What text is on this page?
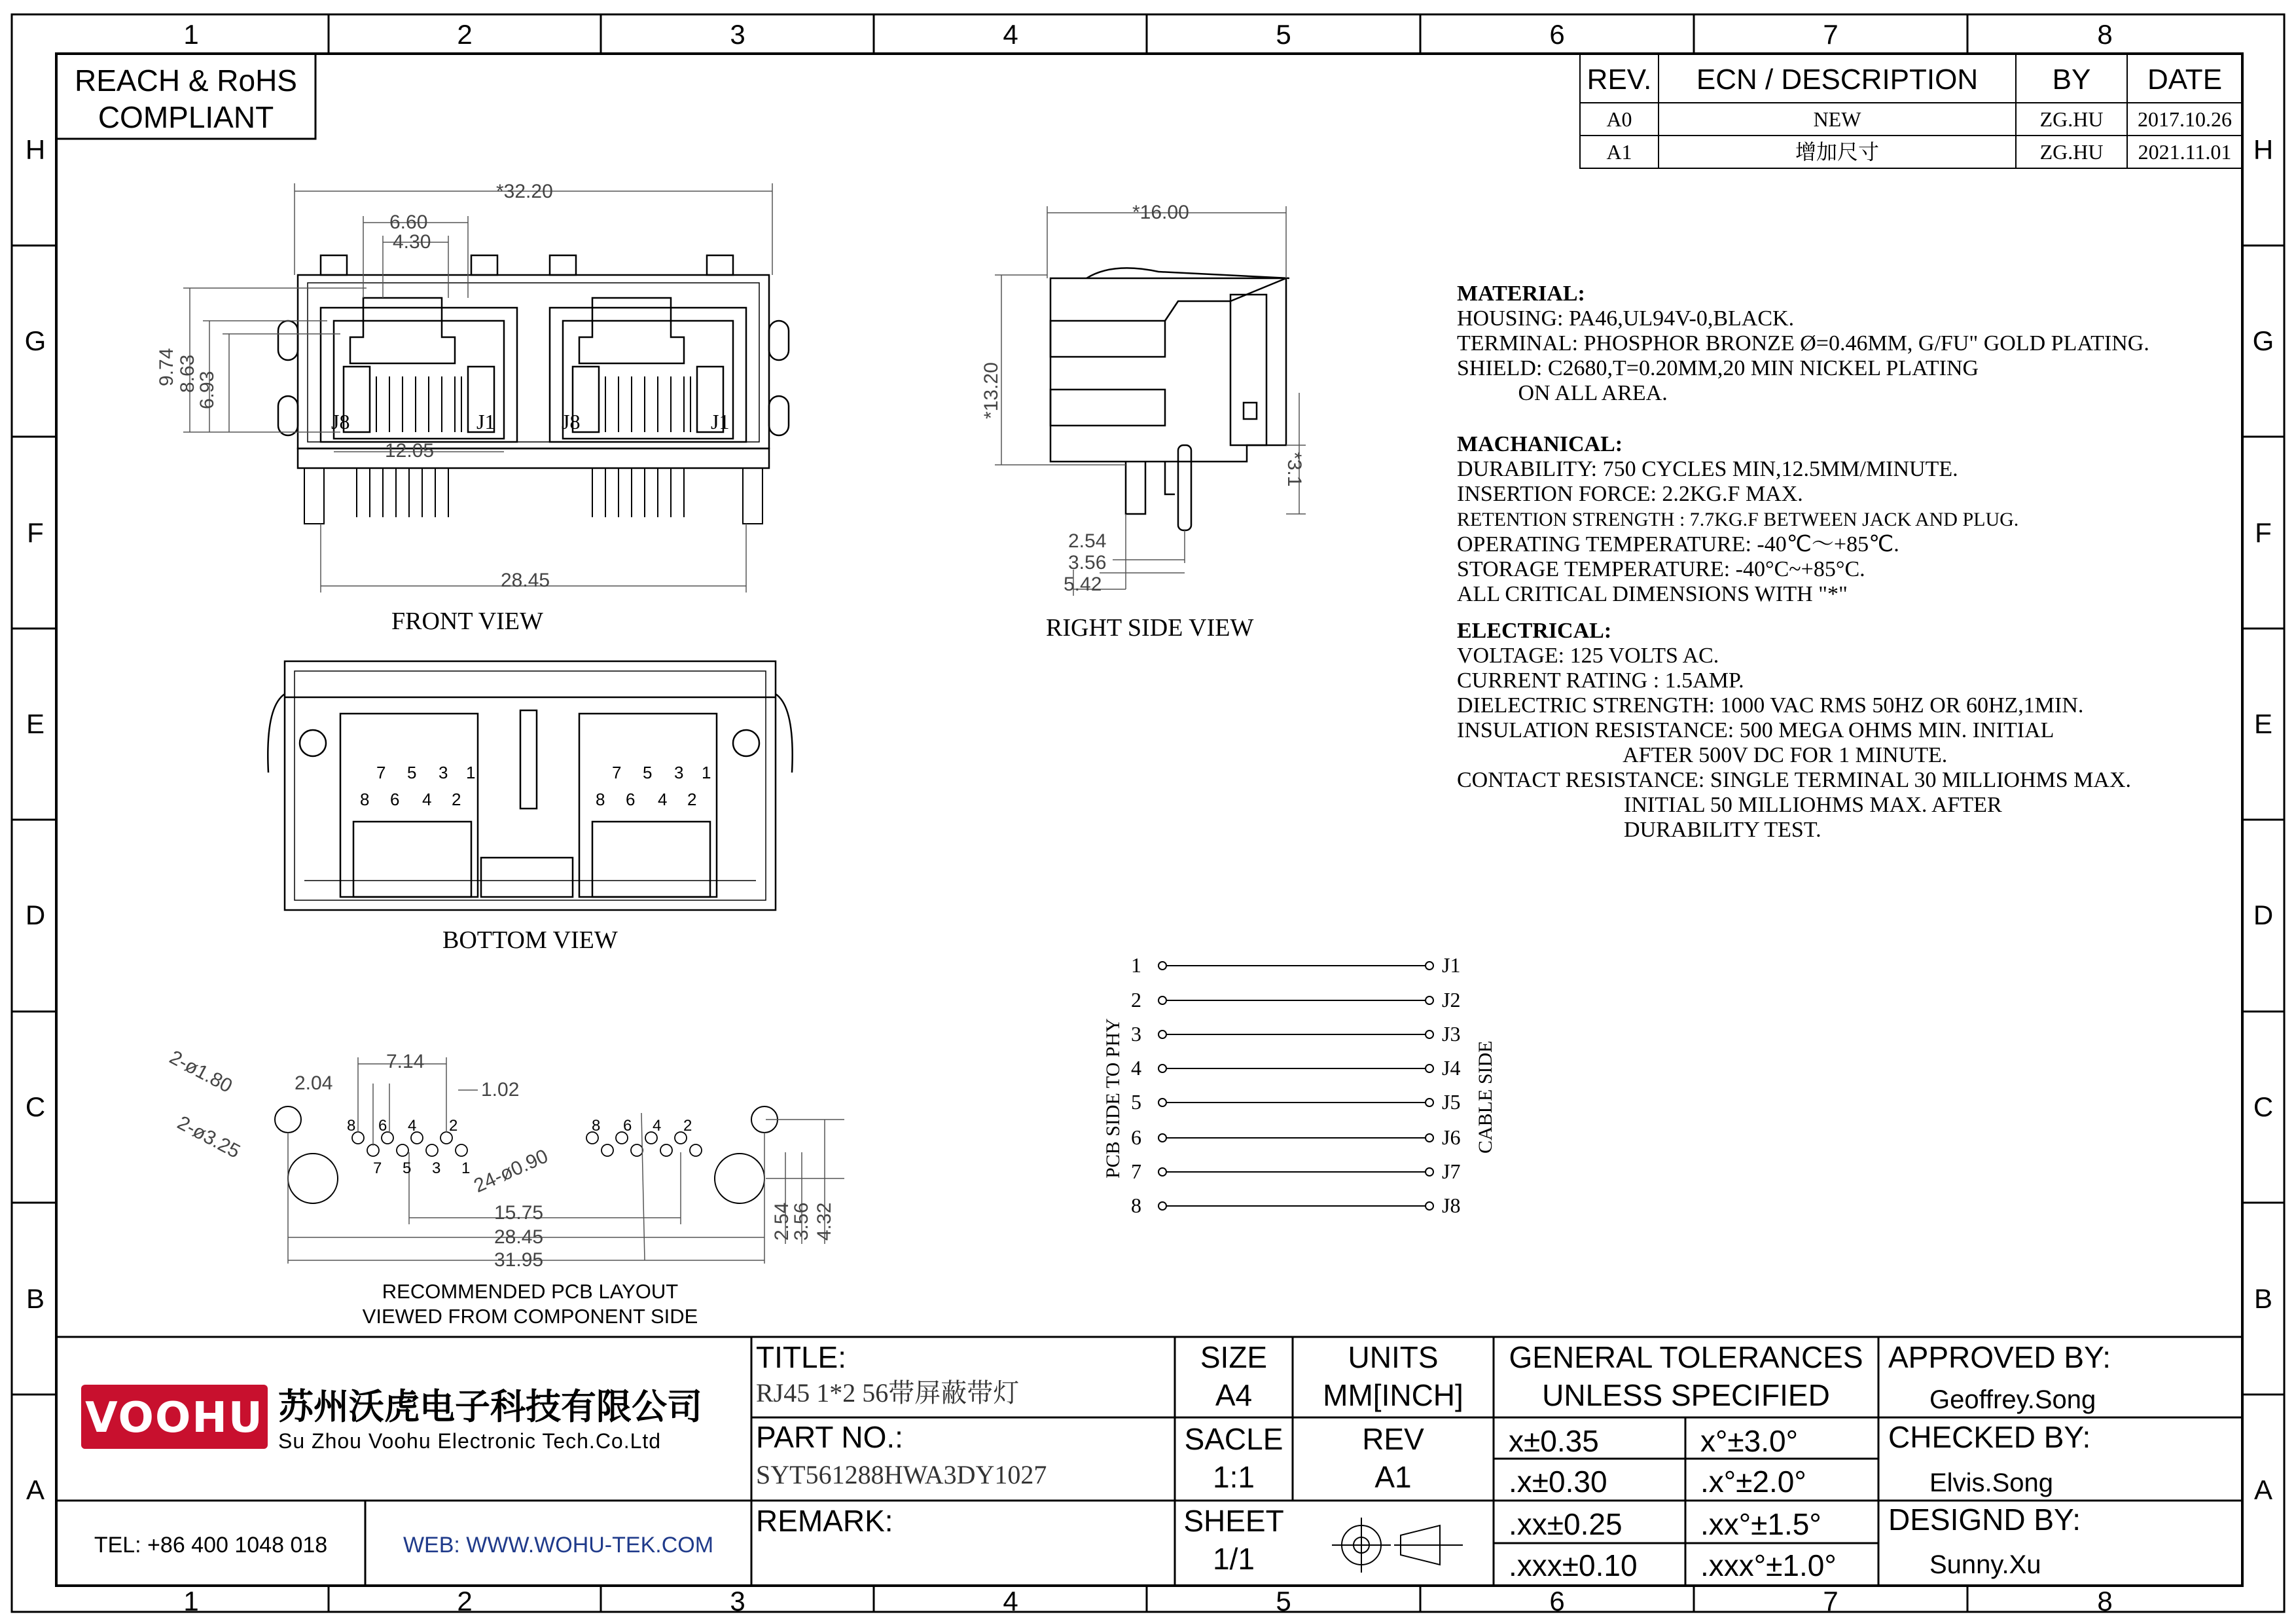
1	2	3	4	5	6	7	8
1	2	3	4	5	6	7	8
H
G
F
E
D
C
B
A
H
G
F
E
D
C
B
A
REACH & RoHS
COMPLIANT
REV.	ECN / DESCRIPTION	BY	DATE
A0	NEW	ZG.HU	2017.10.26
A1	增加尺寸	ZG.HU	2021.11.01
*32.20
6.60
4.30
9.74 8.63
6.93
12.05
28.45
J8	J1	J8	J1
FRONT VIEW
*16.00
*13.20
*3.1
2.54
3.56
5.42
RIGHT SIDE VIEW
7 5 3 1
8 6 4 2
7 5 3 1
8 6 4 2
BOTTOM VIEW
2-ø1.80
2-ø3.25
7.14
2.04	1.02
24-ø0.90
15.75
28.45
31.95
2.54
3.56 4.32
8 6 4 2
7 5 3 1
8 6 4 2
RECOMMENDED PCB LAYOUT
VIEWED FROM COMPONENT SIDE
MATERIAL:
HOUSING: PA46,UL94V-0,BLACK.
TERMINAL: PHOSPHOR BRONZE Ø=0.46MM, G/FU" GOLD PLATING.
SHIELD: C2680,T=0.20MM,20 MIN NICKEL PLATING
ON ALL AREA.
MACHANICAL:
DURABILITY: 750 CYCLES MIN,12.5MM/MINUTE.
INSERTION FORCE: 2.2KG.F MAX.
RETENTION STRENGTH : 7.7KG.F BETWEEN JACK AND PLUG.
OPERATING TEMPERATURE: -40℃～+85℃.
STORAGE TEMPERATURE: -40°C~+85°C.
ALL CRITICAL DIMENSIONS WITH "*"
ELECTRICAL:
VOLTAGE: 125 VOLTS AC.
CURRENT RATING : 1.5AMP.
DIELECTRIC STRENGTH: 1000 VAC RMS 50HZ OR 60HZ,1MIN.
INSULATION RESISTANCE: 500 MEGA OHMS MIN. INITIAL
AFTER 500V DC FOR 1 MINUTE.
CONTACT RESISTANCE: SINGLE TERMINAL 30 MILLIOHMS MAX.
INITIAL 50 MILLIOHMS MAX. AFTER
DURABILITY TEST.
1
2
3
4
5
6
7
8
J1
J2
J3
J4
J5
J6
J7
J8
PCB SIDE TO PHY	CABLE SIDE
VOOHU 苏州沃虎电子科技有限公司
Su Zhou Voohu Electronic Tech.Co.Ltd
TEL: +86 400 1048 018	WEB: WWW.WOHU-TEK.COM
TITLE:
RJ45 1*2 56带屏蔽带灯
PART NO.:
SYT561288HWA3DY1027
REMARK:
SIZE
A4
UNITS
MM[INCH]
SACLE
1:1
REV
A1
SHEET
1/1
GENERAL TOLERANCES
UNLESS SPECIFIED
x±0.35	x°±3.0°
.x±0.30	.x°±2.0°
.xx±0.25	.xx°±1.5°
.xxx±0.10 .xxx°±1.0°
APPROVED BY:
Geoffrey.Song
CHECKED BY:
Elvis.Song
DESIGND BY:
Sunny.Xu
